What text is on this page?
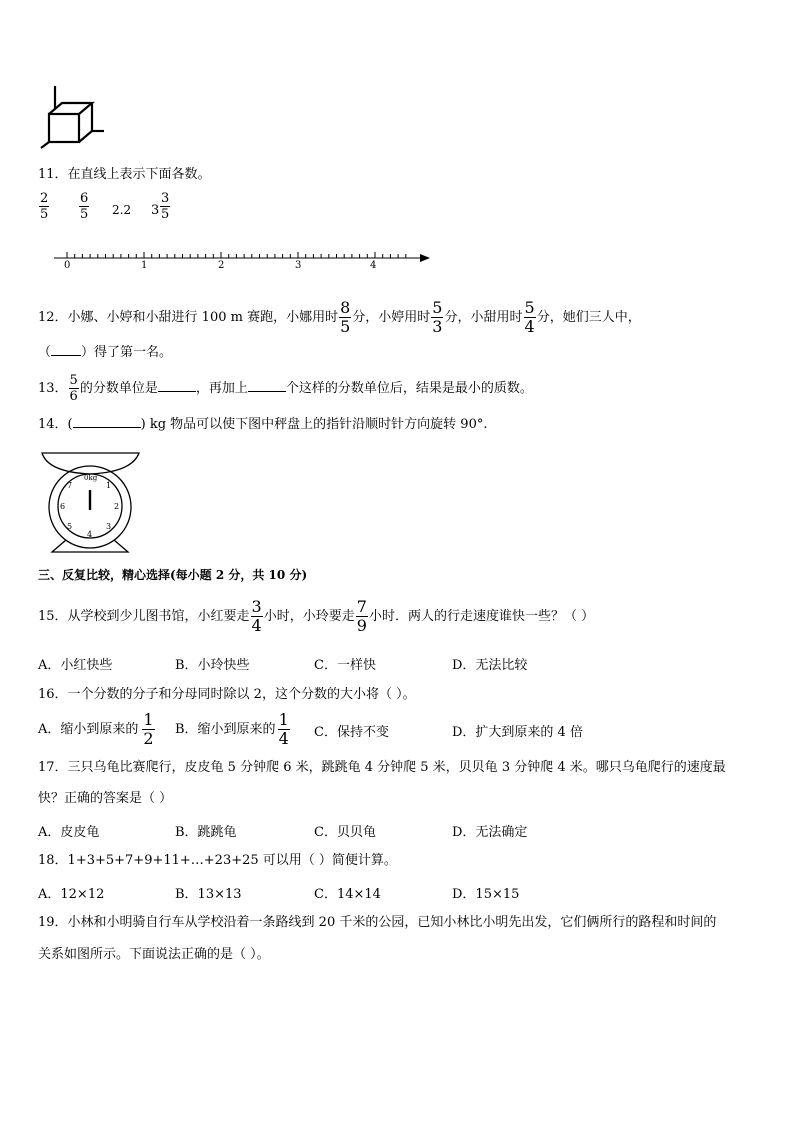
11．在直线上表示下面各数。
2
5
6
5 2.2 3
3
5
0	1	2	3	4
12．小娜、小婷和小甜进行 100 m 赛跑，小娜用时 $\frac{8}{5}$ 分，小婷用时 $\frac{5}{3}$ 分，小甜用时 $\frac{5}{4}$ 分，她们三人中，
（ ）得了第一名。
13． $\frac{5}{6}$ 的分数单位是	，再加上	个这样的分数单位后，结果是最小的质数。
14．(	) kg 物品可以使下图中秤盘上的指针沿顺时针方向旋转 90°.
0kg
1
2
3
4
5
6
7
三、反复比较，精心选择(每小题 2 分，共 10 分)
15．从学校到少儿图书馆，小红要走 $\frac{3}{4}$ 小时，小玲要走 $\frac{7}{9}$ 小时．两人的行走速度谁快一些？（ ）
A．小红快些	B．小玲快些	C．一样快	D．无法比较
16．一个分数的分子和分母同时除以 2，这个分数的大小将（ ）。
A．缩小到原来的 $\frac{1}{2}$ B．缩小到原来的 $\frac{1}{4}$ C．保持不变	D．扩大到原来的 4 倍
17．三只乌龟比赛爬行，皮皮龟 5 分钟爬 6 米，跳跳龟 4 分钟爬 5 米，贝贝龟 3 分钟爬 4 米。哪只乌龟爬行的速度最
快？正确的答案是（ ）
A．皮皮龟	B．跳跳龟	C．贝贝龟	D．无法确定
18．1+3+5+7+9+11+…+23+25 可以用（ ）简便计算。
A．12×12	B．13×13	C．14×14	D．15×15
19．小林和小明骑自行车从学校沿着一条路线到 20 千米的公园，已知小林比小明先出发，它们俩所行的路程和时间的
关系如图所示。下面说法正确的是（ ）。
